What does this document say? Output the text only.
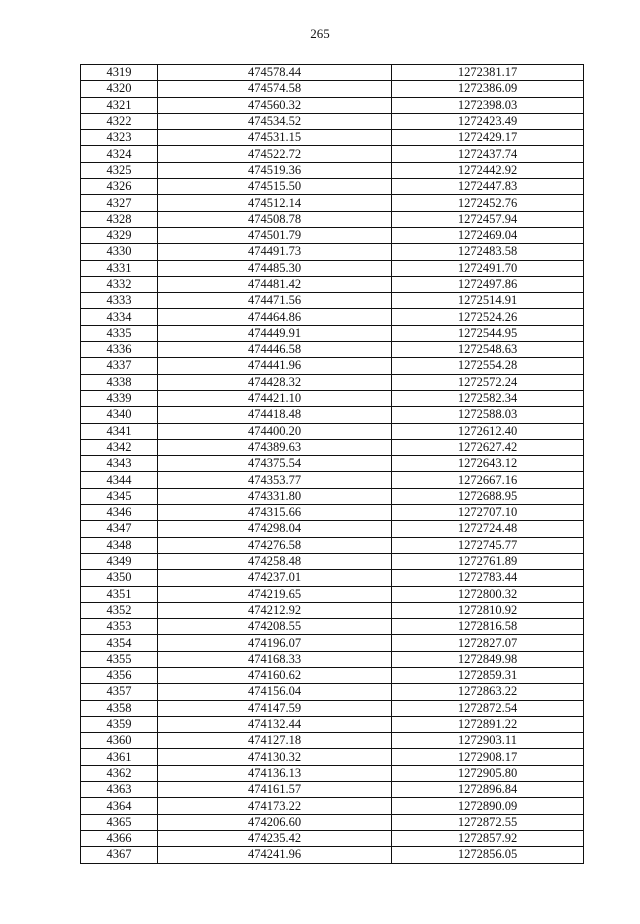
265
4319	474578.44	1272381.17
4320	474574.58	1272386.09
4321	474560.32	1272398.03
4322	474534.52	1272423.49
4323	474531.15	1272429.17
4324	474522.72	1272437.74
4325	474519.36	1272442.92
4326	474515.50	1272447.83
4327	474512.14	1272452.76
4328	474508.78	1272457.94
4329	474501.79	1272469.04
4330	474491.73	1272483.58
4331	474485.30	1272491.70
4332	474481.42	1272497.86
4333	474471.56	1272514.91
4334	474464.86	1272524.26
4335	474449.91	1272544.95
4336	474446.58	1272548.63
4337	474441.96	1272554.28
4338	474428.32	1272572.24
4339	474421.10	1272582.34
4340	474418.48	1272588.03
4341	474400.20	1272612.40
4342	474389.63	1272627.42
4343	474375.54	1272643.12
4344	474353.77	1272667.16
4345	474331.80	1272688.95
4346	474315.66	1272707.10
4347	474298.04	1272724.48
4348	474276.58	1272745.77
4349	474258.48	1272761.89
4350	474237.01	1272783.44
4351	474219.65	1272800.32
4352	474212.92	1272810.92
4353	474208.55	1272816.58
4354	474196.07	1272827.07
4355	474168.33	1272849.98
4356	474160.62	1272859.31
4357	474156.04	1272863.22
4358	474147.59	1272872.54
4359	474132.44	1272891.22
4360	474127.18	1272903.11
4361	474130.32	1272908.17
4362	474136.13	1272905.80
4363	474161.57	1272896.84
4364	474173.22	1272890.09
4365	474206.60	1272872.55
4366	474235.42	1272857.92
4367	474241.96	1272856.05
